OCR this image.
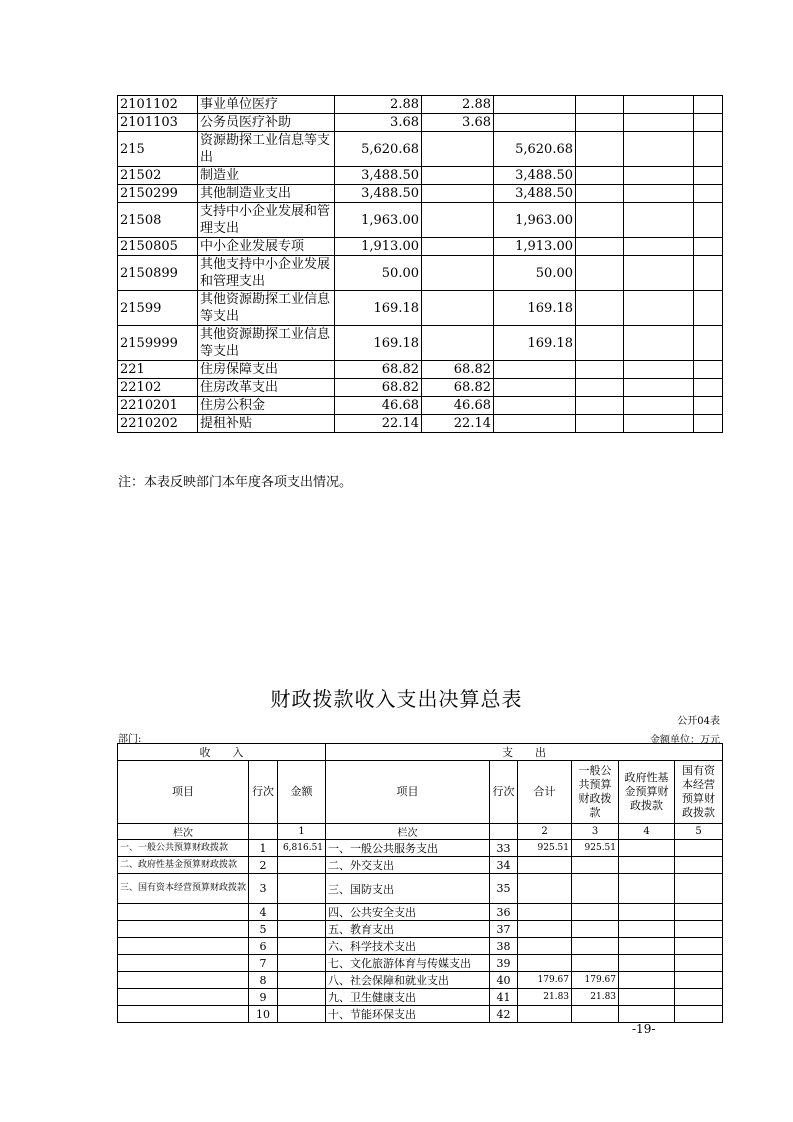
2101102	事业单位医疗	2.88	2.88				
2101103	公务员医疗补助	3.68	3.68				
215	资源勘探工业信息等支出	5,620.68		5,620.68			
21502	制造业	3,488.50		3,488.50			
2150299	其他制造业支出	3,488.50		3,488.50			
21508	支持中小企业发展和管理支出	1,963.00		1,963.00			
2150805	中小企业发展专项	1,913.00		1,913.00			
2150899	其他支持中小企业发展和管理支出	50.00		50.00			
21599	其他资源勘探工业信息等支出	169.18		169.18			
2159999	其他资源勘探工业信息等支出	169.18		169.18			
221	住房保障支出	68.82	68.82				
22102	住房改革支出	68.82	68.82				
2210201	住房公积金	46.68	46.68				
2210202	提租补贴	22.14	22.14				
注：本表反映部门本年度各项支出情况。
财政拨款收入支出决算总表
公开04表
部门:	金额单位：万元
收　　入			支　　出					
项目	行次	金额	项目	行次	合计	一般公共预算财政拨款	政府性基金预算财政拨款	国有资本经营预算财政拨款
栏次		1	栏次		2	3	4	5
一、一般公共预算财政拨款	1	6,816.51	一、一般公共服务支出	33	925.51	925.51		
二、政府性基金预算财政拨款	2		二、外交支出	34				
三、国有资本经营预算财政拨款	3		三、国防支出	35				
	4		四、公共安全支出	36				
	5		五、教育支出	37				
	6		六、科学技术支出	38				
	7		七、文化旅游体育与传媒支出	39				
	8		八、社会保障和就业支出	40	179.67	179.67		
	9		九、卫生健康支出	41	21.83	21.83		
	10		十、节能环保支出	42				
-19-
